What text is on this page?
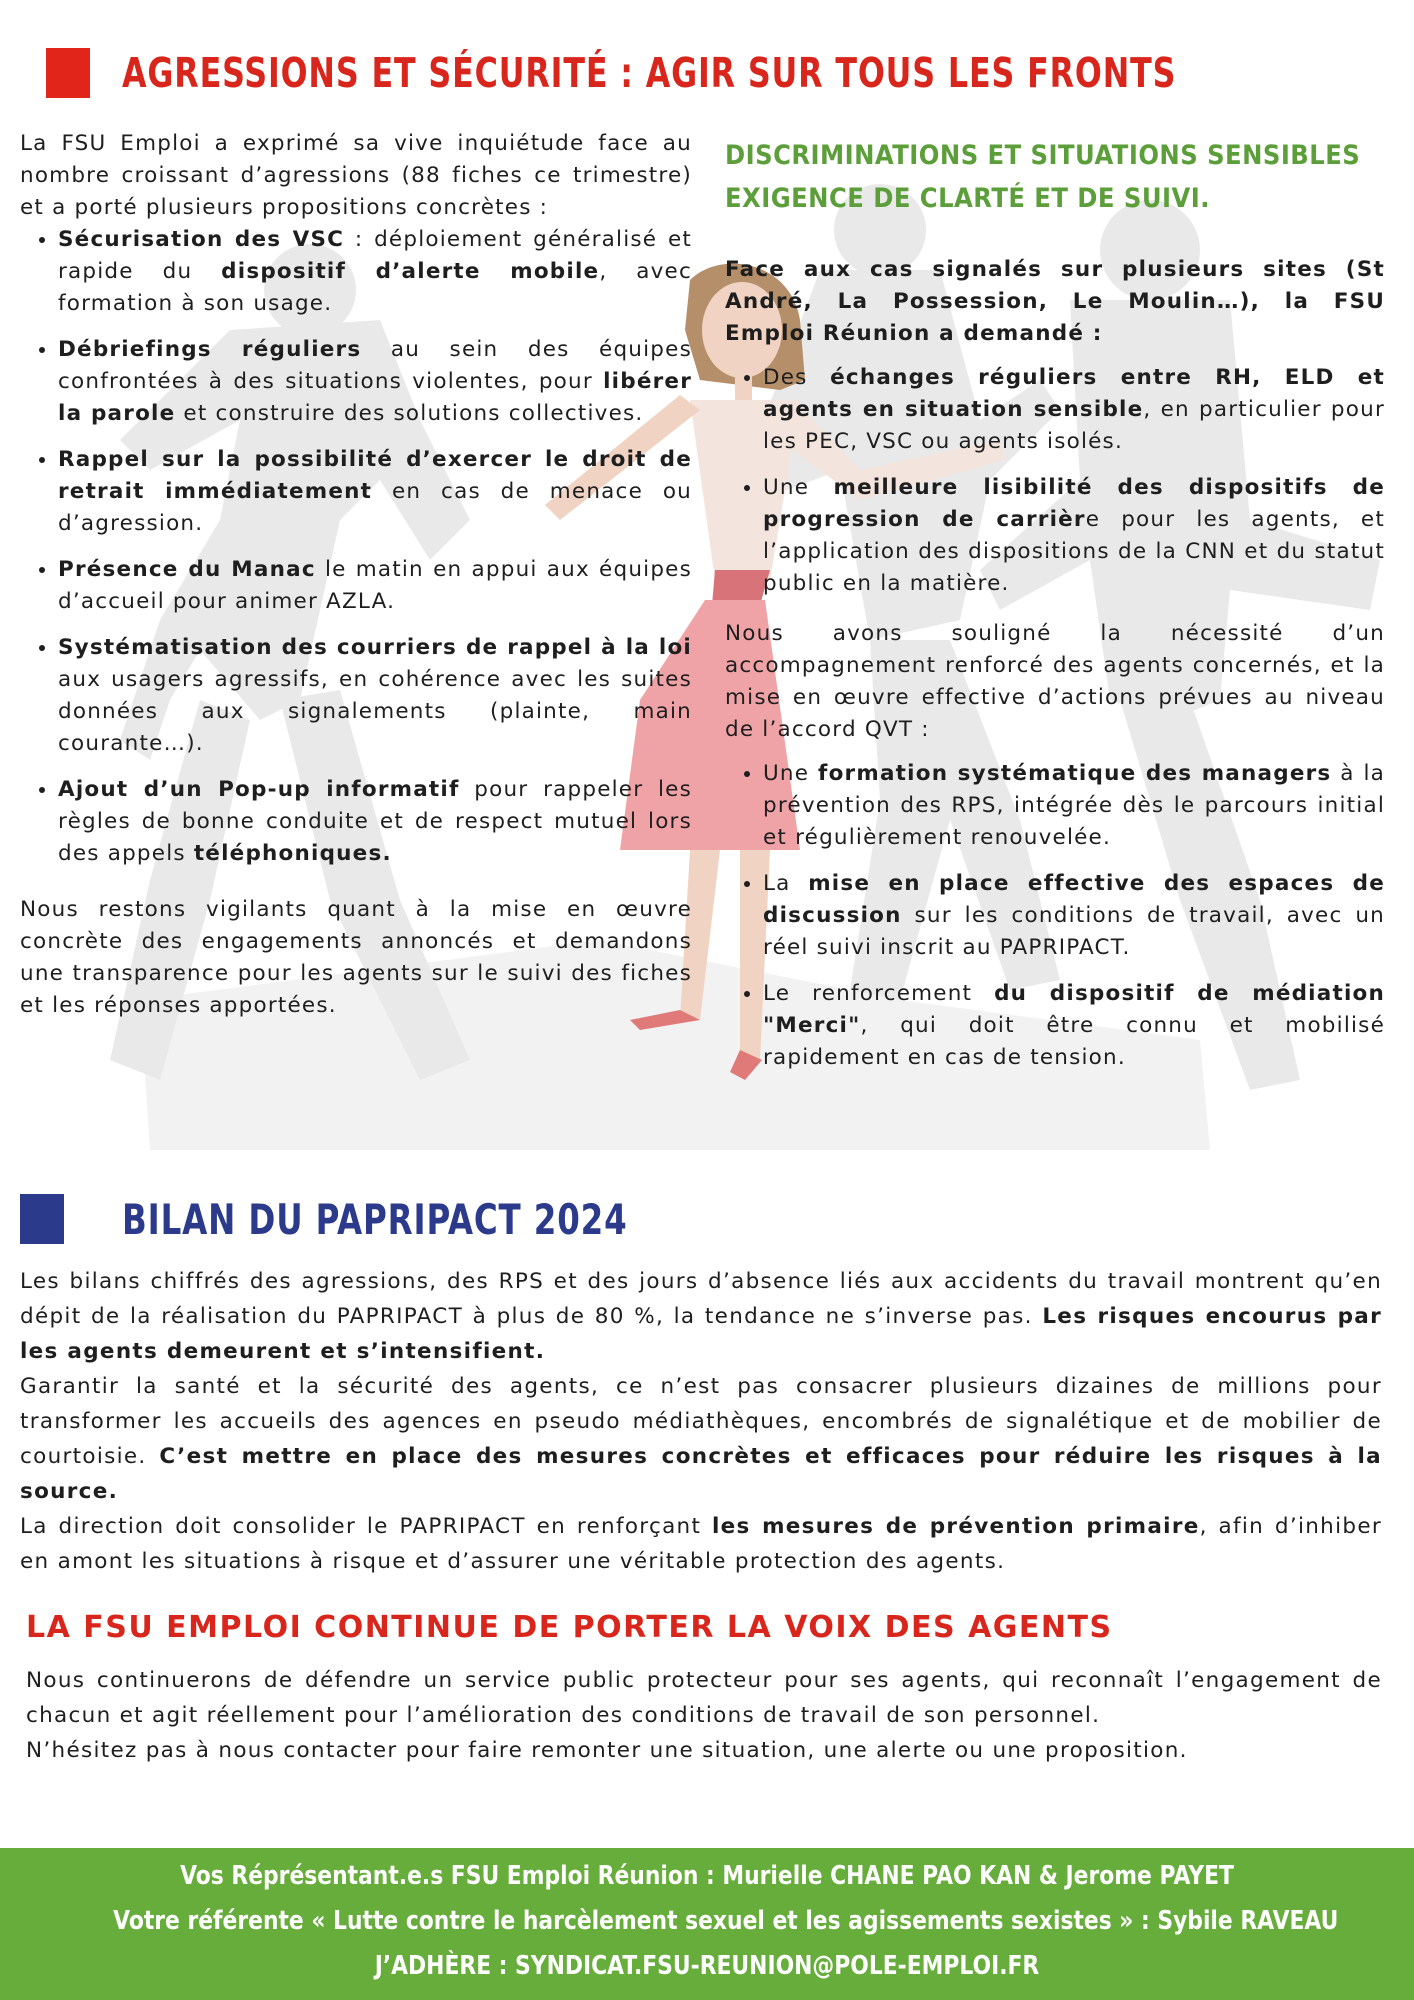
AGRESSIONS ET SÉCURITÉ : AGIR SUR TOUS LES FRONTS

La FSU Emploi a exprimé sa vive inquiétude face au nombre croissant d’agressions (88 fiches ce trimestre) et a porté plusieurs propositions concrètes :

• Sécurisation des VSC : déploiement généralisé et rapide du dispositif d’alerte mobile, avec formation à son usage.
• Débriefings réguliers au sein des équipes confrontées à des situations violentes, pour libérer la parole et construire des solutions collectives.
• Rappel sur la possibilité d’exercer le droit de retrait immédiatement en cas de menace ou d’agression.
• Présence du Manac le matin en appui aux équipes d’accueil pour animer AZLA.
• Systématisation des courriers de rappel à la loi aux usagers agressifs, en cohérence avec les suites données aux signalements (plainte, main courante…).
• Ajout d’un Pop-up informatif pour rappeler les règles de bonne conduite et de respect mutuel lors des appels téléphoniques.

Nous restons vigilants quant à la mise en œuvre concrète des engagements annoncés et demandons une transparence pour les agents sur le suivi des fiches et les réponses apportées.

DISCRIMINATIONS ET SITUATIONS SENSIBLES
EXIGENCE DE CLARTÉ ET DE SUIVI.

Face aux cas signalés sur plusieurs sites (St André, La Possession, Le Moulin…), la FSU Emploi Réunion a demandé :

• Des échanges réguliers entre RH, ELD et agents en situation sensible, en particulier pour les PEC, VSC ou agents isolés.
• Une meilleure lisibilité des dispositifs de progression de carrière pour les agents, et l’application des dispositions de la CNN et du statut public en la matière.

Nous avons souligné la nécessité d’un accompagnement renforcé des agents concernés, et la mise en œuvre effective d’actions prévues au niveau de l’accord QVT :

• Une formation systématique des managers à la prévention des RPS, intégrée dès le parcours initial et régulièrement renouvelée.
• La mise en place effective des espaces de discussion sur les conditions de travail, avec un réel suivi inscrit au PAPRIPACT.
• Le renforcement du dispositif de médiation "Merci", qui doit être connu et mobilisé rapidement en cas de tension.
BILAN DU PAPRIPACT 2024

Les bilans chiffrés des agressions, des RPS et des jours d’absence liés aux accidents du travail montrent qu’en dépit de la réalisation du PAPRIPACT à plus de 80 %, la tendance ne s’inverse pas. Les risques encourus par les agents demeurent et s’intensifient.

Garantir la santé et la sécurité des agents, ce n’est pas consacrer plusieurs dizaines de millions pour transformer les accueils des agences en pseudo médiathèques, encombrés de signalétique et de mobilier de courtoisie. C’est mettre en place des mesures concrètes et efficaces pour réduire les risques à la source.

La direction doit consolider le PAPRIPACT en renforçant les mesures de prévention primaire, afin d’inhiber en amont les situations à risque et d’assurer une véritable protection des agents.

LA FSU EMPLOI CONTINUE DE PORTER LA VOIX DES AGENTS

Nous continuerons de défendre un service public protecteur pour ses agents, qui reconnaît l’engagement de chacun et agit réellement pour l’amélioration des conditions de travail de son personnel.

N’hésitez pas à nous contacter pour faire remonter une situation, une alerte ou une proposition.

Vos Réprésentant.e.s FSU Emploi Réunion : Murielle CHANE PAO KAN & Jerome PAYET
Votre référente « Lutte contre le harcèlement sexuel et les agissements sexistes » : Sybile RAVEAU
J’ADHÈRE : SYNDICAT.FSU-REUNION@POLE-EMPLOI.FR
